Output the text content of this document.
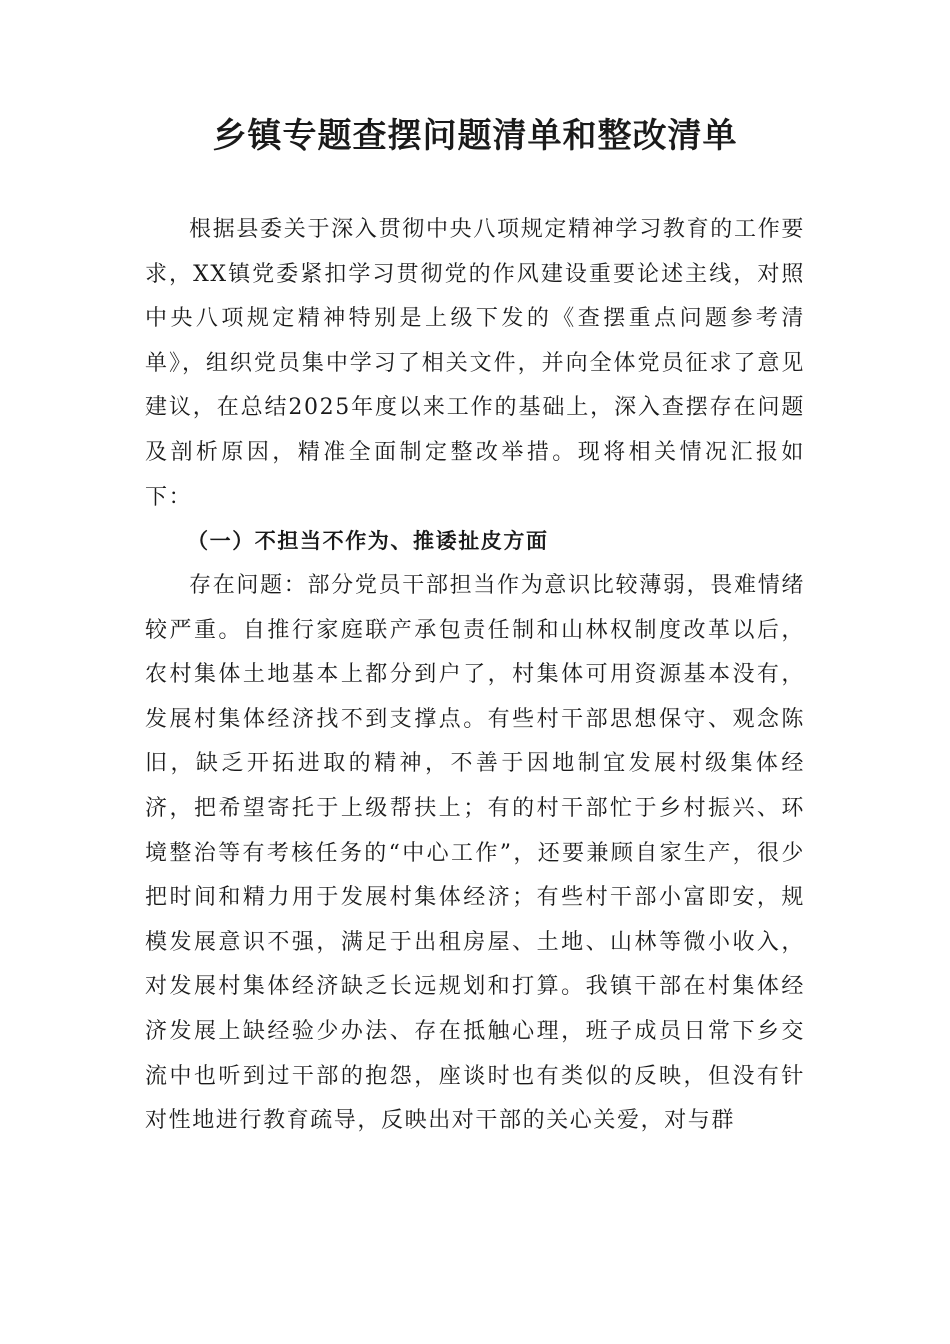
乡镇专题查摆问题清单和整改清单

根据县委关于深入贯彻中央八项规定精神学习教育的工作要求，XX镇党委紧扣学习贯彻党的作风建设重要论述主线，对照中央八项规定精神特别是上级下发的《查摆重点问题参考清单》，组织党员集中学习了相关文件，并向全体党员征求了意见建议，在总结2025年度以来工作的基础上，深入查摆存在问题及剖析原因，精准全面制定整改举措。现将相关情况汇报如下：

（一）不担当不作为、推诿扯皮方面

存在问题：部分党员干部担当作为意识比较薄弱，畏难情绪较严重。自推行家庭联产承包责任制和山林权制度改革以后，农村集体土地基本上都分到户了，村集体可用资源基本没有，发展村集体经济找不到支撑点。有些村干部思想保守、观念陈旧，缺乏开拓进取的精神，不善于因地制宜发展村级集体经济，把希望寄托于上级帮扶上；有的村干部忙于乡村振兴、环境整治等有考核任务的“中心工作”，还要兼顾自家生产，很少把时间和精力用于发展村集体经济；有些村干部小富即安，规模发展意识不强，满足于出租房屋、土地、山林等微小收入，对发展村集体经济缺乏长远规划和打算。我镇干部在村集体经济发展上缺经验少办法、存在抵触心理，班子成员日常下乡交流中也听到过干部的抱怨，座谈时也有类似的反映，但没有针对性地进行教育疏导，反映出对干部的关心关爱，对与群
